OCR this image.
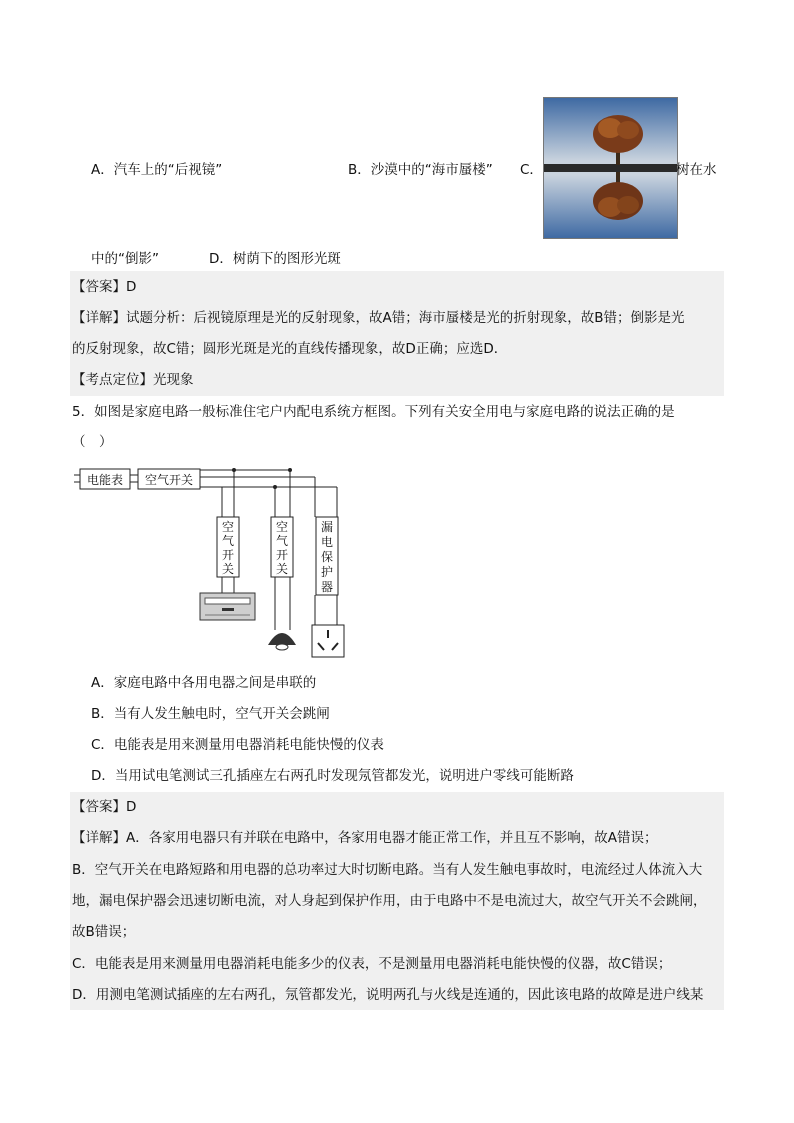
A．汽车上的“后视镜”	B．沙漠中的“海市蜃楼” C．	树在水
中的“倒影”	D．树荫下的图形光斑
【答案】D
【详解】试题分析：后视镜原理是光的反射现象，故A错；海市蜃楼是光的折射现象，故B错；倒影是光
的反射现象，故C错；圆形光斑是光的直线传播现象，故D正确；应选D．
【考点定位】光现象
5．如图是家庭电路一般标准住宅户内配电系统方框图。下列有关安全用电与家庭电路的说法正确的是
（　）
电能表 空气开关
空
气
开
关
空
气
开
关
漏
电
保
护
器
A．家庭电路中各用电器之间是串联的
B．当有人发生触电时，空气开关会跳闸
C．电能表是用来测量用电器消耗电能快慢的仪表
D．当用试电笔测试三孔插座左右两孔时发现氖管都发光，说明进户零线可能断路
【答案】D
【详解】A．各家用电器只有并联在电路中，各家用电器才能正常工作，并且互不影响，故A错误；
B．空气开关在电路短路和用电器的总功率过大时切断电路。当有人发生触电事故时，电流经过人体流入大
地，漏电保护器会迅速切断电流，对人身起到保护作用，由于电路中不是电流过大，故空气开关不会跳闸，
故B错误；
C．电能表是用来测量用电器消耗电能多少的仪表，不是测量用电器消耗电能快慢的仪器，故C错误；
D．用测电笔测试插座的左右两孔，氖管都发光，说明两孔与火线是连通的，因此该电路的故障是进户线某
